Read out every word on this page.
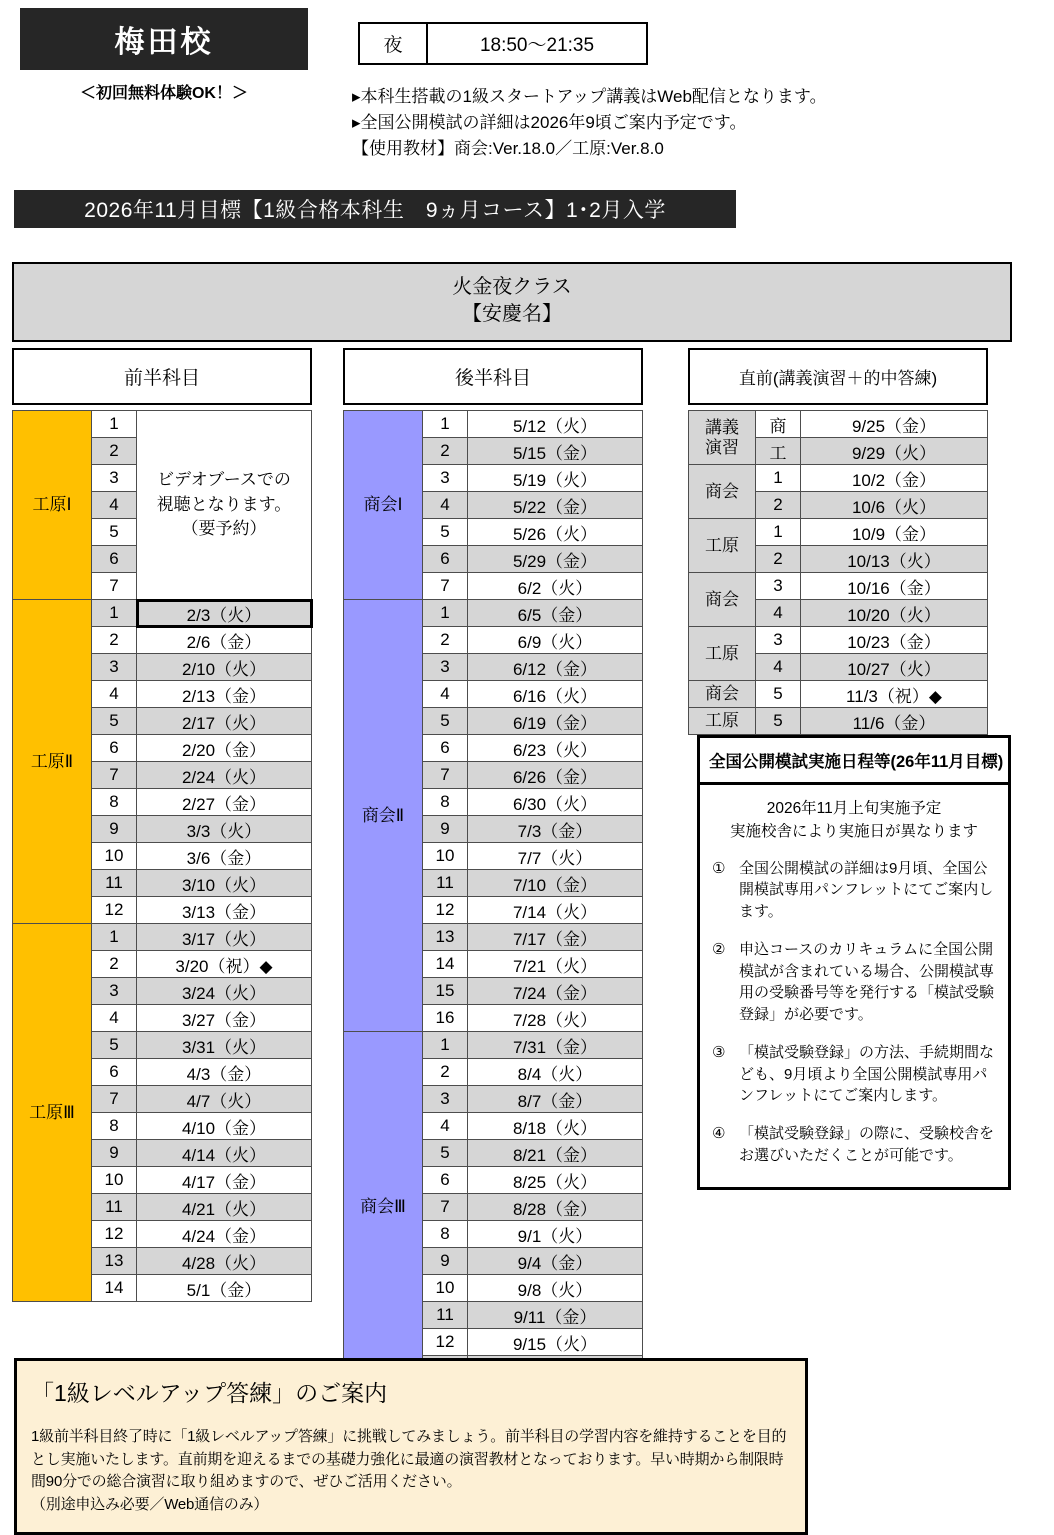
梅田校
＜初回無料体験OK！＞
夜	18:50〜21:35
▸本科生搭載の1級スタートアップ講義はWeb配信となります。
▸全国公開模試の詳細は2026年9頃ご案内予定です。
【使用教材】商会:Ver.18.0／工原:Ver.8.0
2026年11月目標【1級合格本科生　9ヵ月コース】1･2月入学
火金夜クラス
【安慶名】
前半科目
工原Ⅰ	1	ビデオブースでの
視聴となります。
（要予約）
	2	
	3	
	4	
	5	
	6	
	7	
工原Ⅱ	1	2/3（火）
	2	2/6（金）
	3	2/10（火）
	4	2/13（金）
	5	2/17（火）
	6	2/20（金）
	7	2/24（火）
	8	2/27（金）
	9	3/3（火）
	10	3/6（金）
	11	3/10（火）
	12	3/13（金）
工原Ⅲ	1	3/17（火）
	2	3/20（祝）◆
	3	3/24（火）
	4	3/27（金）
	5	3/31（火）
	6	4/3（金）
	7	4/7（火）
	8	4/10（金）
	9	4/14（火）
	10	4/17（金）
	11	4/21（火）
	12	4/24（金）
	13	4/28（火）
	14	5/1（金）
後半科目
商会Ⅰ	1	5/12（火）
	2	5/15（金）
	3	5/19（火）
	4	5/22（金）
	5	5/26（火）
	6	5/29（金）
	7	6/2（火）
商会Ⅱ	1	6/5（金）
	2	6/9（火）
	3	6/12（金）
	4	6/16（火）
	5	6/19（金）
	6	6/23（火）
	7	6/26（金）
	8	6/30（火）
	9	7/3（金）
	10	7/7（火）
	11	7/10（金）
	12	7/14（火）
	13	7/17（金）
	14	7/21（火）
	15	7/24（金）
	16	7/28（火）
商会Ⅲ	1	7/31（金）
	2	8/4（火）
	3	8/7（金）
	4	8/18（火）
	5	8/21（金）
	6	8/25（火）
	7	8/28（金）
	8	9/1（火）
	9	9/4（金）
	10	9/8（火）
	11	9/11（金）
	12	9/15（火）

直前(講義演習＋的中答練)
講義
演習	商	9/25（金）
	工	9/29（火）
商会	1	10/2（金）
	2	10/6（火）
工原	1	10/9（金）
	2	10/13（火）
商会	3	10/16（金）
	4	10/20（火）
工原	3	10/23（金）
	4	10/27（火）
商会	5	11/3（祝）◆
工原	5	11/6（金）
全国公開模試実施日程等(26年11月目標)
2026年11月上旬実施予定
実施校舎により実施日が異なります
① 全国公開模試の詳細は9月頃、全国公開模試専用パンフレットにてご案内します。
② 申込コースのカリキュラムに全国公開模試が含まれている場合、公開模試専用の受験番号等を発行する「模試受験登録」が必要です。
③ 「模試受験登録」の方法、手続期間なども、9月頃より全国公開模試専用パンフレットにてご案内します。
④ 「模試受験登録」の際に、受験校舎をお選びいただくことが可能です。
「1級レベルアップ答練」のご案内
1級前半科目終了時に「1級レベルアップ答練」に挑戦してみましょう。前半科目の学習内容を維持することを目的とし実施いたします。直前期を迎えるまでの基礎力強化に最適の演習教材となっております。早い時期から制限時間90分での総合演習に取り組めますので、ぜひご活用ください。
（別途申込み必要／Web通信のみ）
